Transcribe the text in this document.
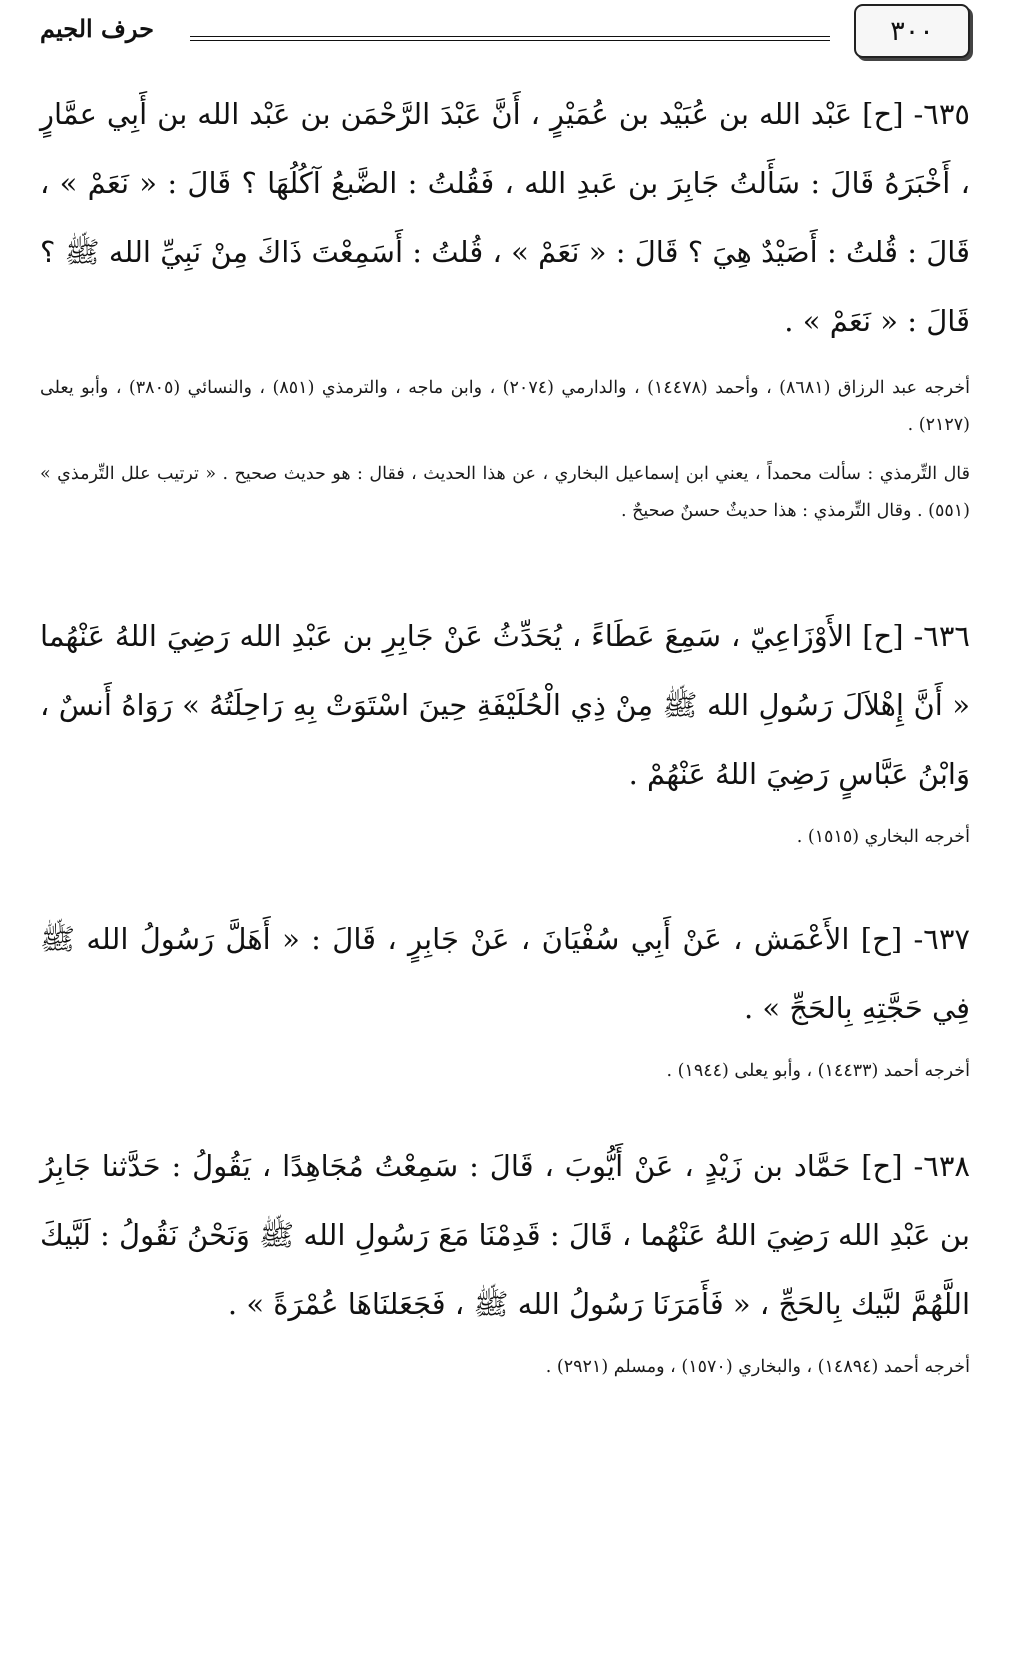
٣٠٠
حرف الجيم

٦٣٥- [ح] عَبْد الله بن عُبَيْد بن عُمَيْرٍ ، أَنَّ عَبْدَ الرَّحْمَن بن عَبْد الله بن أَبِي عمَّارٍ ، أَخْبَرَهُ قَالَ : سَأَلتُ جَابِرَ بن عَبدِ الله ، فَقُلتُ : الضَّبعُ آكُلُهَا ؟ قَالَ : « نَعَمْ » ، قَالَ : قُلتُ : أَصَيْدٌ هِيَ ؟ قَالَ : « نَعَمْ » ، قُلتُ : أَسَمِعْتَ ذَاكَ مِنْ نَبِيِّ الله ﷺ ؟ قَالَ : « نَعَمْ » .

أخرجه عبد الرزاق (٨٦٨١) ، وأحمد (١٤٤٧٨) ، والدارمي (٢٠٧٤) ، وابن ماجه ، والترمذي (٨٥١) ، والنسائي (٣٨٠٥) ، وأبو يعلى (٢١٢٧) .

قال التِّرمذي : سألت محمداً ، يعني ابن إسماعيل البخاري ، عن هذا الحديث ، فقال : هو حديث صحيح . « ترتيب علل التِّرمذي » (٥٥١) . وقال التِّرمذي : هذا حديثٌ حسنٌ صحيحٌ .

٦٣٦- [ح] الأَوْزَاعِيّ ، سَمِعَ عَطَاءً ، يُحَدِّثُ عَنْ جَابِرِ بن عَبْدِ الله رَضِيَ اللهُ عَنْهُما « أَنَّ إِهْلاَلَ رَسُولِ الله ﷺ مِنْ ذِي الْحُلَيْفَةِ حِينَ اسْتَوَتْ بِهِ رَاحِلَتُهُ » رَوَاهُ أَنسٌ ، وَابْنُ عَبَّاسٍ رَضِيَ اللهُ عَنْهُمْ .

أخرجه البخاري (١٥١٥) .

٦٣٧- [ح] الأَعْمَش ، عَنْ أَبِي سُفْيَانَ ، عَنْ جَابِرٍ ، قَالَ : « أَهَلَّ رَسُولُ الله ﷺ فِي حَجَّتِهِ بِالحَجِّ » .

أخرجه أحمد (١٤٤٣٣) ، وأبو يعلى (١٩٤٤) .

٦٣٨- [ح] حَمَّاد بن زَيْدٍ ، عَنْ أَيُّوبَ ، قَالَ : سَمِعْتُ مُجَاهِدًا ، يَقُولُ : حَدَّثنا جَابِرُ بن عَبْدِ الله رَضِيَ اللهُ عَنْهُما ، قَالَ : قَدِمْنَا مَعَ رَسُولِ الله ﷺ وَنَحْنُ نَقُولُ : لَبَّيكَ اللَّهُمَّ لبَّيك بِالحَجِّ ، « فَأَمَرَنَا رَسُولُ الله ﷺ ، فَجَعَلنَاهَا عُمْرَةً » .

أخرجه أحمد (١٤٨٩٤) ، والبخاري (١٥٧٠) ، ومسلم (٢٩٢١) .
